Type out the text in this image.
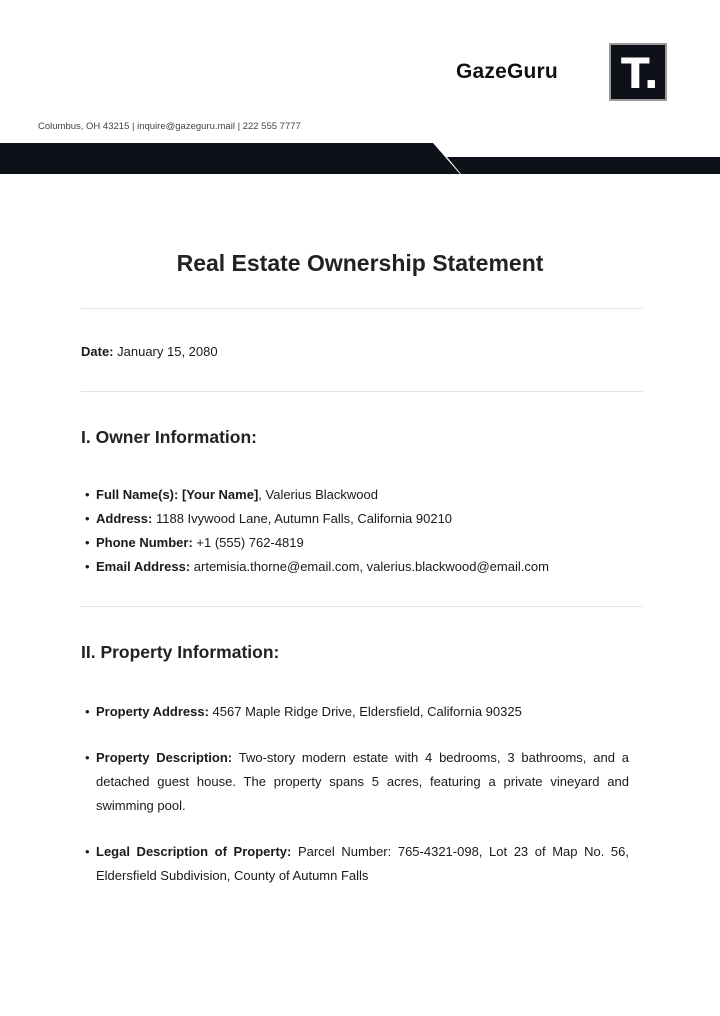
GazeGuru T.
Columbus, OH 43215 | inquire@gazeguru.mail | 222 555 7777
Real Estate Ownership Statement
Date: January 15, 2080
I. Owner Information:
• Full Name(s): [Your Name], Valerius Blackwood
• Address: 1188 Ivywood Lane, Autumn Falls, California 90210
• Phone Number: +1 (555) 762-4819
• Email Address: artemisia.thorne@email.com, valerius.blackwood@email.com
II. Property Information:
• Property Address: 4567 Maple Ridge Drive, Eldersfield, California 90325
• Property Description: Two-story modern estate with 4 bedrooms, 3 bathrooms, and a detached guest house. The property spans 5 acres, featuring a private vineyard and swimming pool.
• Legal Description of Property: Parcel Number: 765-4321-098, Lot 23 of Map No. 56, Eldersfield Subdivision, County of Autumn Falls
